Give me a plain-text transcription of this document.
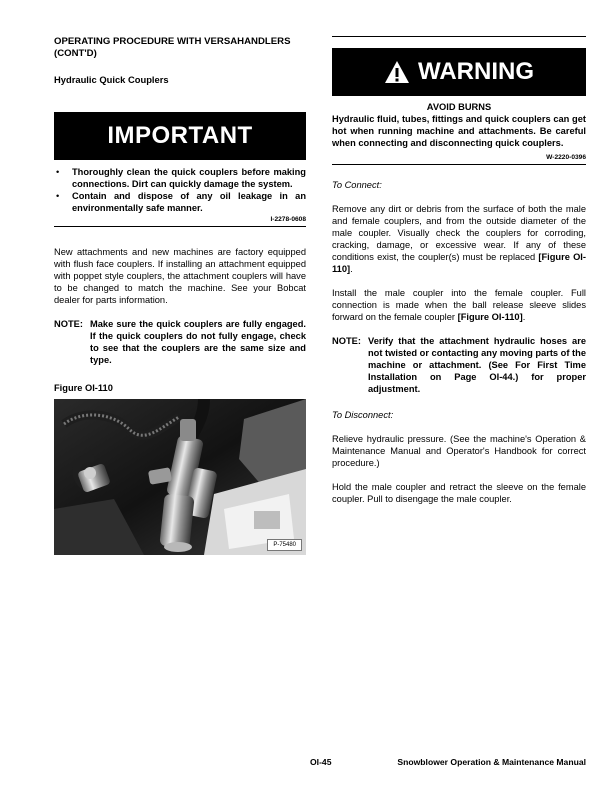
OPERATING PROCEDURE WITH VERSAHANDLERS (CONT'D)

Hydraulic Quick Couplers

IMPORTANT
• Thoroughly clean the quick couplers before making connections. Dirt can quickly damage the system.
• Contain and dispose of any oil leakage in an environmentally safe manner.
I-2278-0608

New attachments and new machines are factory equipped with flush face couplers. If installing an attachment equipped with poppet style couplers, the attachment couplers will have to be changed to match the machine. See your Bobcat dealer for parts information.

NOTE: Make sure the quick couplers are fully engaged. If the quick couplers do not fully engage, check to see that the couplers are the same size and type.
Figure OI-110
P-75480
WARNING
AVOID BURNS
Hydraulic fluid, tubes, fittings and quick couplers can get hot when running machine and attachments. Be careful when connecting and disconnecting quick couplers.
W-2220-0396
To Connect:

Remove any dirt or debris from the surface of both the male and female couplers, and from the outside diameter of the male coupler. Visually check the couplers for corroding, cracking, damage, or excessive wear. If any of these conditions exist, the coupler(s) must be replaced [Figure OI-110].

Install the male coupler into the female coupler. Full connection is made when the ball release sleeve slides forward on the female coupler [Figure OI-110].

NOTE: Verify that the attachment hydraulic hoses are not twisted or contacting any moving parts of the machine or attachment. (See For First Time Installation on Page OI-44.) for proper adjustment.
To Disconnect:

Relieve hydraulic pressure. (See the machine's Operation & Maintenance Manual and Operator's Handbook for correct procedure.)

Hold the male coupler and retract the sleeve on the female coupler. Pull to disengage the male coupler.

OI-45	Snowblower Operation & Maintenance Manual
